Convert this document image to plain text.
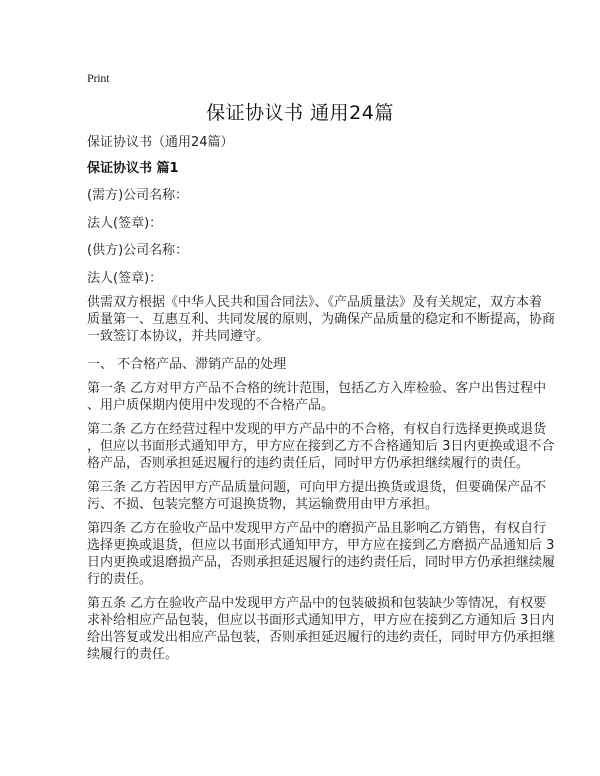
Print
保证协议书 通用24篇
保证协议书（通用24篇）
保证协议书 篇1
(需方)公司名称：
法人(签章)：
(供方)公司名称：
法人(签章)：
供需双方根据《中华人民共和国合同法》、《产品质量法》及有关规定，双方本着
质量第一、互惠互利、共同发展的原则，为确保产品质量的稳定和不断提高，协商
一致签订本协议，并共同遵守。
一、 不合格产品、滞销产品的处理
第一条 乙方对甲方产品不合格的统计范围，包括乙方入库检验、客户出售过程中
、用户质保期内使用中发现的不合格产品。
第二条 乙方在经营过程中发现的甲方产品中的不合格，有权自行选择更换或退货
，但应以书面形式通知甲方，甲方应在接到乙方不合格通知后 3日内更换或退不合
格产品，否则承担延迟履行的违约责任后，同时甲方仍承担继续履行的责任。
第三条 乙方若因甲方产品质量问题，可向甲方提出换货或退货，但要确保产品不
污、不损、包装完整方可退换货物，其运输费用由甲方承担。
第四条 乙方在验收产品中发现甲方产品中的磨损产品且影响乙方销售，有权自行
选择更换或退货，但应以书面形式通知甲方，甲方应在接到乙方磨损产品通知后 3
日内更换或退磨损产品，否则承担延迟履行的违约责任后，同时甲方仍承担继续履
行的责任。
第五条 乙方在验收产品中发现甲方产品中的包装破损和包装缺少等情况，有权要
求补给相应产品包装，但应以书面形式通知甲方，甲方应在接到乙方通知后 3日内
给出答复或发出相应产品包装，否则承担延迟履行的违约责任，同时甲方仍承担继
续履行的责任。
